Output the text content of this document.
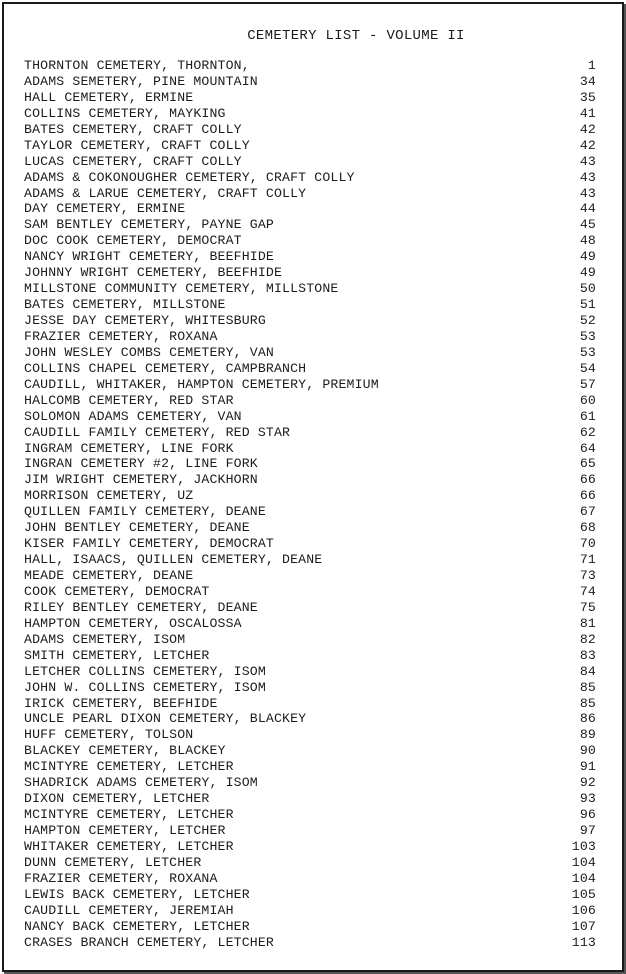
CEMETERY LIST - VOLUME II
THORNTON CEMETERY, THORNTON,	1
ADAMS SEMETERY, PINE MOUNTAIN	34
HALL CEMETERY, ERMINE	35
COLLINS CEMETERY, MAYKING	41
BATES CEMETERY, CRAFT COLLY	42
TAYLOR CEMETERY, CRAFT COLLY	42
LUCAS CEMETERY, CRAFT COLLY	43
ADAMS & COKONOUGHER CEMETERY, CRAFT COLLY	43
ADAMS & LARUE CEMETERY, CRAFT COLLY	43
DAY CEMETERY, ERMINE	44
SAM BENTLEY CEMETERY, PAYNE GAP	45
DOC COOK CEMETERY, DEMOCRAT	48
NANCY WRIGHT CEMETERY, BEEFHIDE	49
JOHNNY WRIGHT CEMETERY, BEEFHIDE	49
MILLSTONE COMMUNITY CEMETERY, MILLSTONE	50
BATES CEMETERY, MILLSTONE	51
JESSE DAY CEMETERY, WHITESBURG	52
FRAZIER CEMETERY, ROXANA	53
JOHN WESLEY COMBS CEMETERY, VAN	53
COLLINS CHAPEL CEMETERY, CAMPBRANCH	54
CAUDILL, WHITAKER, HAMPTON CEMETERY, PREMIUM	57
HALCOMB CEMETERY, RED STAR	60
SOLOMON ADAMS CEMETERY, VAN	61
CAUDILL FAMILY CEMETERY, RED STAR	62
INGRAM CEMETERY, LINE FORK	64
INGRAN CEMETERY #2, LINE FORK	65
JIM WRIGHT CEMETERY, JACKHORN	66
MORRISON CEMETERY, UZ	66
QUILLEN FAMILY CEMETERY, DEANE	67
JOHN BENTLEY CEMETERY, DEANE	68
KISER FAMILY CEMETERY, DEMOCRAT	70
HALL, ISAACS, QUILLEN CEMETERY, DEANE	71
MEADE CEMETERY, DEANE	73
COOK CEMETERY, DEMOCRAT	74
RILEY BENTLEY CEMETERY, DEANE	75
HAMPTON CEMETERY, OSCALOSSA	81
ADAMS CEMETERY, ISOM	82
SMITH CEMETERY, LETCHER	83
LETCHER COLLINS CEMETERY, ISOM	84
JOHN W. COLLINS CEMETERY, ISOM	85
IRICK CEMETERY, BEEFHIDE	85
UNCLE PEARL DIXON CEMETERY, BLACKEY	86
HUFF CEMETERY, TOLSON	89
BLACKEY CEMETERY, BLACKEY	90
MCINTYRE CEMETERY, LETCHER	91
SHADRICK ADAMS CEMETERY, ISOM	92
DIXON CEMETERY, LETCHER	93
MCINTYRE CEMETERY, LETCHER	96
HAMPTON CEMETERY, LETCHER	97
WHITAKER CEMETERY, LETCHER	103
DUNN CEMETERY, LETCHER	104
FRAZIER CEMETERY, ROXANA	104
LEWIS BACK CEMETERY, LETCHER	105
CAUDILL CEMETERY, JEREMIAH	106
NANCY BACK CEMETERY, LETCHER	107
CRASES BRANCH CEMETERY, LETCHER	113
